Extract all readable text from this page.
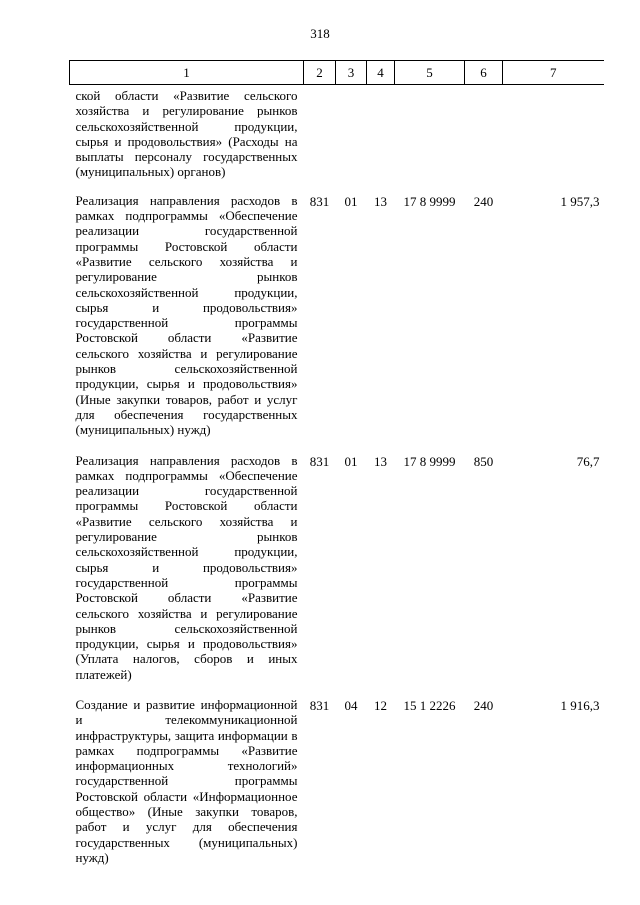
318
1	2	3	4	5	6	7
ской области «Развитие сельского хозяйства и регулирование рынков сельскохозяйственной продукции, сырья и продовольствия» (Расходы на выплаты персоналу государственных (муниципальных) органов)						
Реализация направления расходов в рамках подпрограммы «Обеспечение реализации государственной программы Ростовской области «Развитие сельского хозяйства и регулирование рынков сельскохозяйственной продукции, сырья и продовольствия» государственной программы Ростовской области «Развитие сельского хозяйства и регулирование рынков сельскохозяйственной продукции, сырья и продовольствия» (Иные закупки товаров, работ и услуг для обеспечения государственных (муниципальных) нужд)	831	01	13	17 8 9999	240	1 957,3
Реализация направления расходов в рамках подпрограммы «Обеспечение реализации государственной программы Ростовской области «Развитие сельского хозяйства и регулирование рынков сельскохозяйственной продукции, сырья и продовольствия» государственной программы Ростовской области «Развитие сельского хозяйства и регулирование рынков сельскохозяйственной продукции, сырья и продовольствия» (Уплата налогов, сборов и иных платежей)	831	01	13	17 8 9999	850	76,7
Создание и развитие информационной и телекоммуникационной инфраструктуры, защита информации в рамках подпрограммы «Развитие информационных технологий» государственной программы Ростовской области «Информационное общество» (Иные закупки товаров, работ и услуг для обеспечения государственных (муниципальных) нужд)	831	04	12	15 1 2226	240	1 916,3
